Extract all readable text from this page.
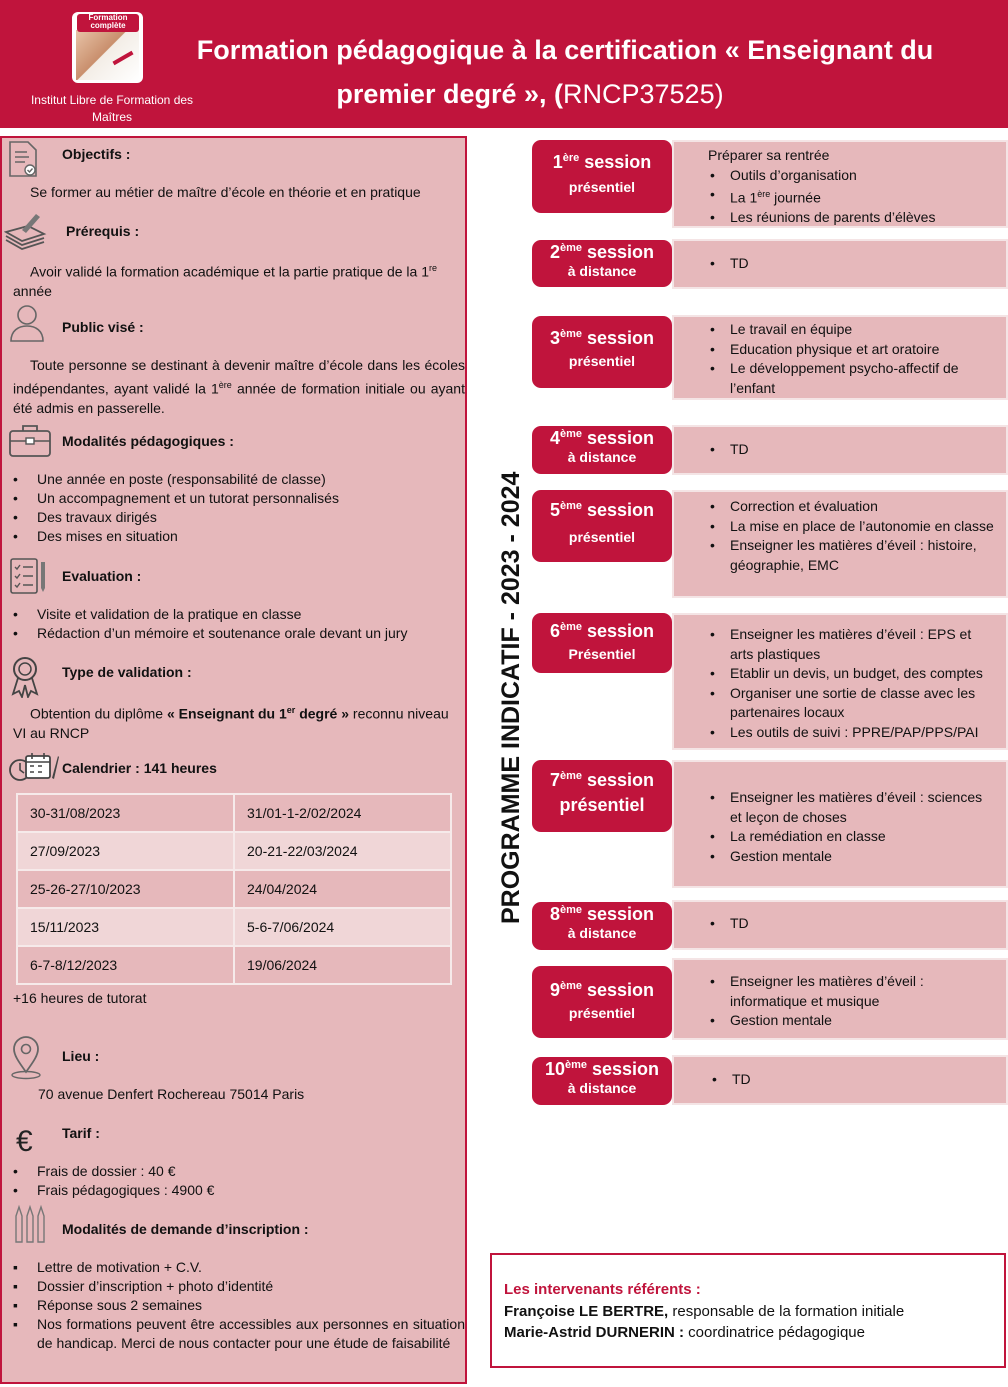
Formation complète
Institut Libre de Formation des Maîtres
Formation pédagogique à la certification « Enseignant du
premier degré », (RNCP37525)
Objectifs :
Se former au métier de maître d’école en théorie et en pratique
Prérequis :
Avoir validé la formation académique et la partie pratique de la 1re année
Public visé :
Toute personne se destinant à devenir maître d’école dans les écoles indépendantes, ayant validé la 1ère année de formation initiale ou ayant été admis en passerelle.
Modalités pédagogiques :
• Une année en poste (responsabilité de classe)
• Un accompagnement et un tutorat personnalisés
• Des travaux dirigés
• Des mises en situation
Evaluation :
• Visite et validation de la pratique en classe
• Rédaction d’un mémoire et soutenance orale devant un jury
Type de validation :
Obtention du diplôme « Enseignant du 1er degré » reconnu niveau VI au RNCP
Calendrier : 141 heures
30-31/08/2023	31/01-1-2/02/2024
27/09/2023	20-21-22/03/2024
25-26-27/10/2023	24/04/2024
15/11/2023	5-6-7/06/2024
6-7-8/12/2023	19/06/2024
+16 heures de tutorat
Lieu :
70 avenue Denfert Rochereau 75014 Paris
€ Tarif :
• Frais de dossier : 40 €
• Frais pédagogiques : 4900 €
Modalités de demande d’inscription :
▪ Lettre de motivation + C.V.
▪ Dossier d’inscription + photo d’identité
▪ Réponse sous 2 semaines
▪ Nos formations peuvent être accessibles aux personnes en situation de handicap. Merci de nous contacter pour une étude de faisabilité
PROGRAMME INDICATIF - 2023 - 2024
1ère session
présentiel
Préparer sa rentrée
• Outils d’organisation
• La 1ère journée
• Les réunions de parents d’élèves
2ème session
à distance	• TD
3ème session
présentiel
• Le travail en équipe
• Education physique et art oratoire
• Le développement psycho-affectif de l’enfant
4ème session
à distance	• TD
5ème session
présentiel
• Correction et évaluation
• La mise en place de l’autonomie en classe
• Enseigner les matières d’éveil : histoire, géographie, EMC
6ème session
Présentiel
• Enseigner les matières d’éveil : EPS et arts plastiques
• Etablir un devis, un budget, des comptes
• Organiser une sortie de classe avec les partenaires locaux
• Les outils de suivi : PPRE/PAP/PPS/PAI
7ème session
présentiel	• Enseigner les matières d’éveil : sciences et leçon de choses
• La remédiation en classe
• Gestion mentale
8ème session
à distance
• TD
9ème session
présentiel
• Enseigner les matières d’éveil : informatique et musique
• Gestion mentale
10ème session
à distance
• TD
Les intervenants référents :
Françoise LE BERTRE, responsable de la formation initiale
Marie-Astrid DURNERIN : coordinatrice pédagogique
